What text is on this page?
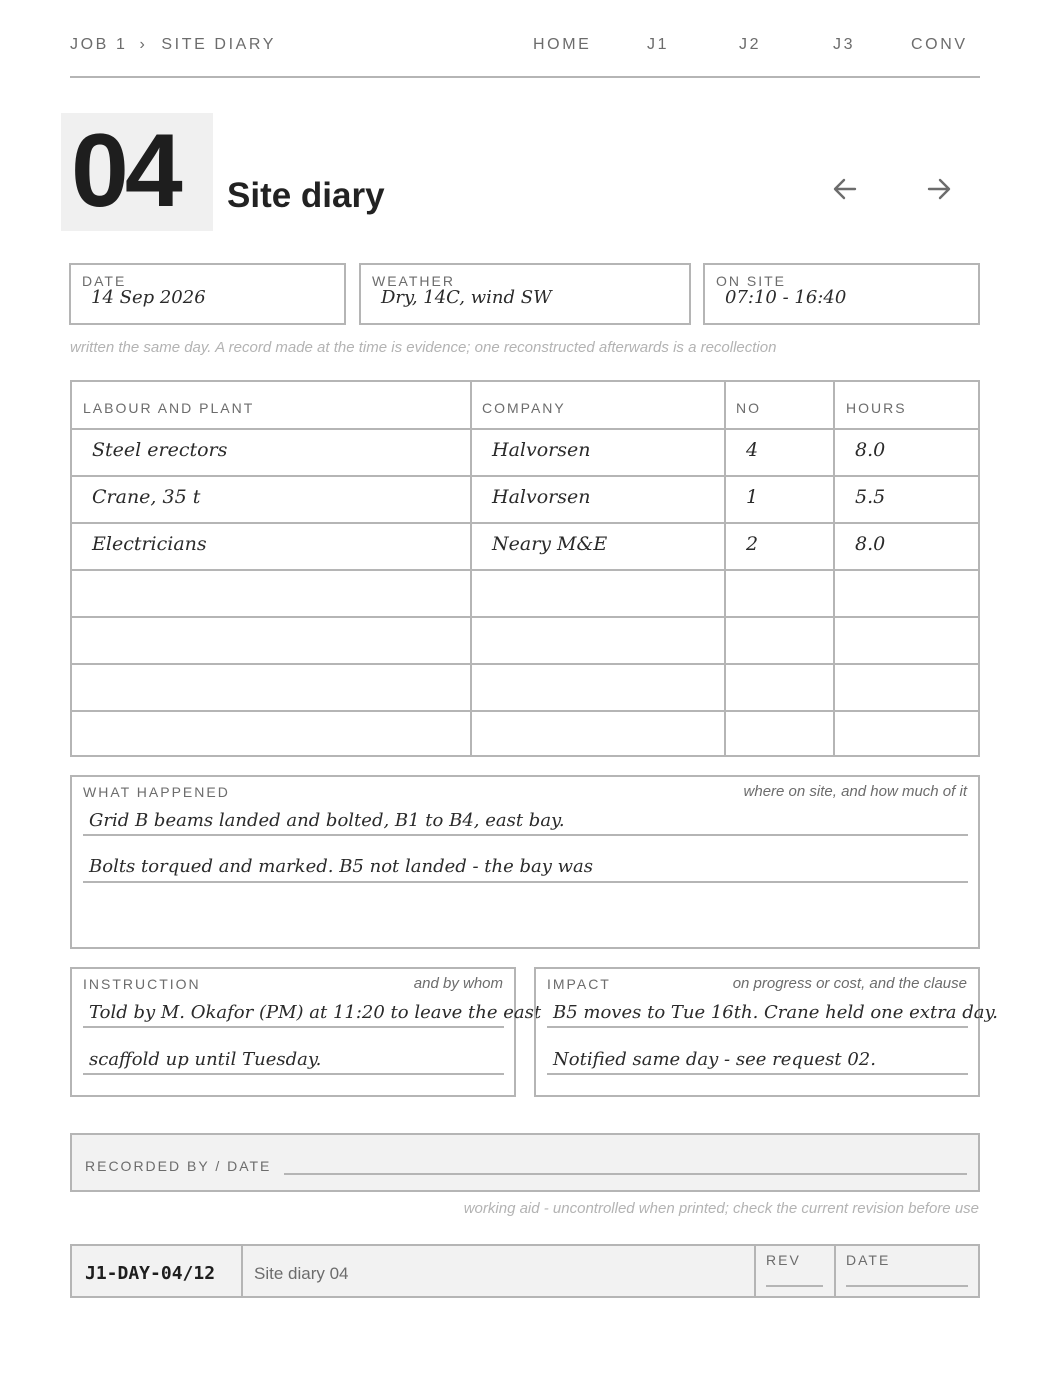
JOB 1 › SITE DIARY	HOME	J1	J2	J3	CONV
04 Site diary
DATE
14 Sep 2026
WEATHER
Dry, 14C, wind SW
ON SITE
07:10 - 16:40
written the same day. A record made at the time is evidence; one reconstructed afterwards is a recollection
LABOUR AND PLANT	COMPANY	NO	HOURS
Steel erectors	Halvorsen	4	8.0
Crane, 35 t	Halvorsen	1	5.5
Electricians	Neary M&E	2	8.0
WHAT HAPPENED	where on site, and how much of it
Grid B beams landed and bolted, B1 to B4, east bay.
Bolts torqued and marked. B5 not landed - the bay was
INSTRUCTION	and by whom
Told by M. Okafor (PM) at 11:20 to leave the east
scaffold up until Tuesday.
IMPACT	on progress or cost, and the clause
B5 moves to Tue 16th. Crane held one extra day.
Notified same day - see request 02.
RECORDED BY / DATE
working aid - uncontrolled when printed; check the current revision before use
J1-DAY-04/12 Site diary 04
REV	DATE
